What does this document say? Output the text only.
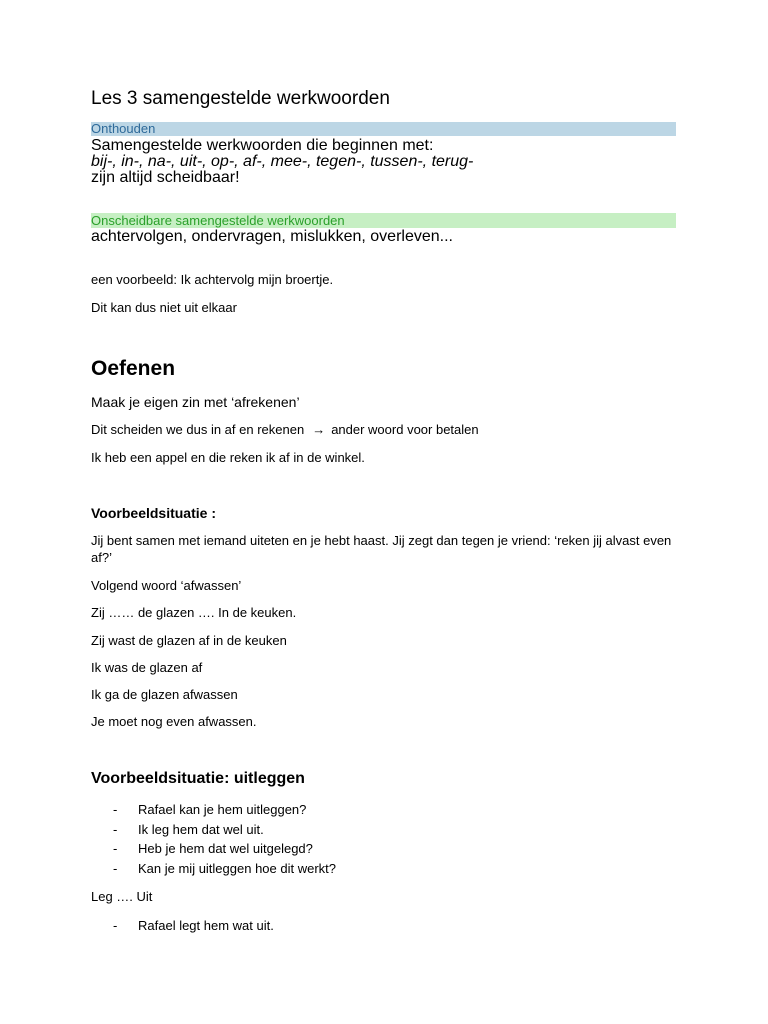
Les 3 samengestelde werkwoorden
Onthouden
Samengestelde werkwoorden die beginnen met:
bij-, in-, na-, uit-, op-, af-, mee-, tegen-, tussen-, terug-
zijn altijd scheidbaar!
Onscheidbare samengestelde werkwoorden
achtervolgen, ondervragen, mislukken, overleven...
een voorbeeld: Ik achtervolg mijn broertje.
Dit kan dus niet uit elkaar
Oefenen
Maak je eigen zin met ‘afrekenen’
Dit scheiden we dus in af en rekenen → ander woord voor betalen
Ik heb een appel en die reken ik af in de winkel.
Voorbeeldsituatie :
Jij bent samen met iemand uiteten en je hebt haast. Jij zegt dan tegen je vriend: ‘reken jij alvast even
af?’
Volgend woord ‘afwassen’
Zij …… de glazen …. In de keuken.
Zij wast de glazen af in de keuken
Ik was de glazen af
Ik ga de glazen afwassen
Je moet nog even afwassen.
Voorbeeldsituatie: uitleggen
-	Rafael kan je hem uitleggen?
-	Ik leg hem dat wel uit.
-	Heb je hem dat wel uitgelegd?
-	Kan je mij uitleggen hoe dit werkt?
Leg …. Uit
-	Rafael legt hem wat uit.
